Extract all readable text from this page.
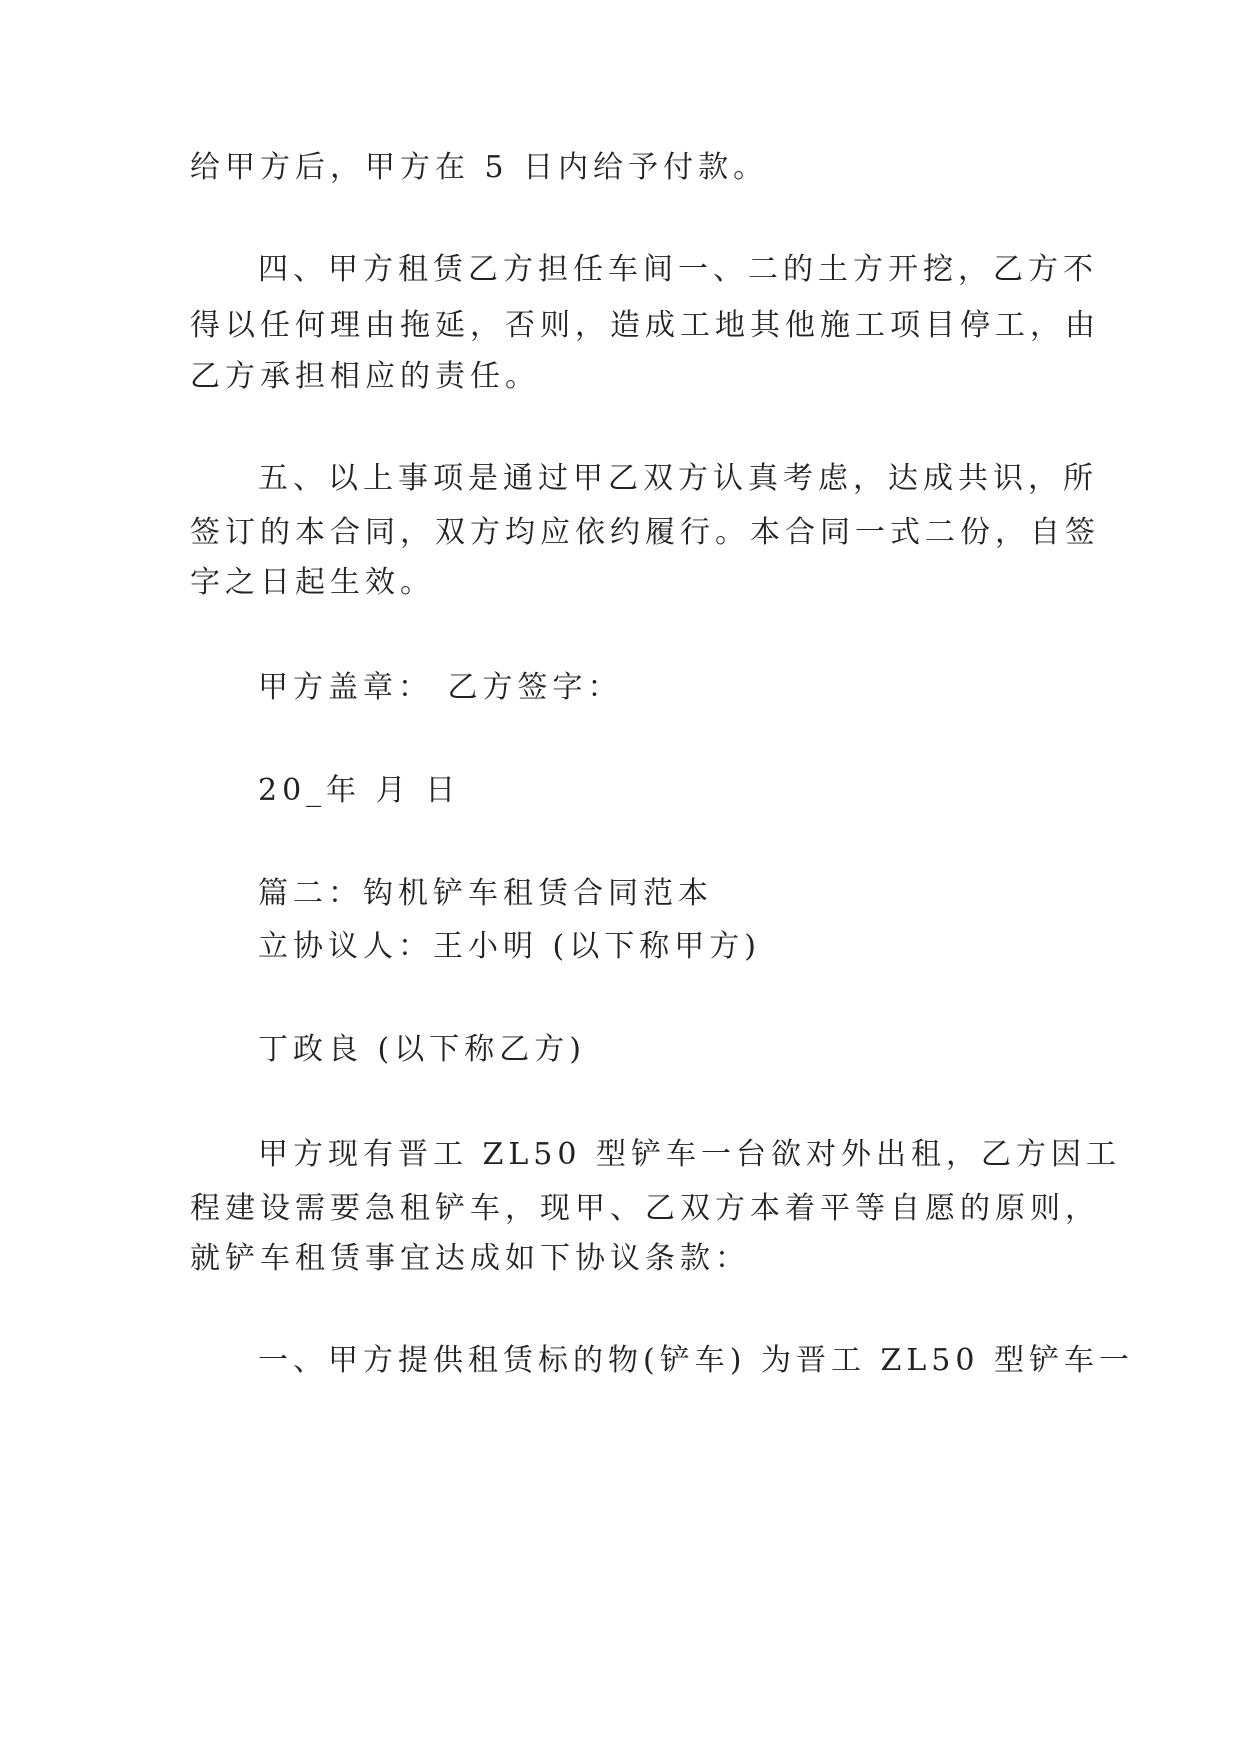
给甲方后，甲方在 5 日内给予付款。

四、甲方租赁乙方担任车间一、二的土方开挖，乙方不

得以任何理由拖延，否则，造成工地其他施工项目停工，由

乙方承担相应的责任。

五、以上事项是通过甲乙双方认真考虑，达成共识，所

签订的本合同，双方均应依约履行。本合同一式二份，自签

字之日起生效。

甲方盖章： 乙方签字：

20_年 月 日

篇二：钩机铲车租赁合同范本

立协议人：王小明 (以下称甲方)

丁政良 (以下称乙方)

甲方现有晋工 ZL50 型铲车一台欲对外出租，乙方因工

程建设需要急租铲车，现甲、乙双方本着平等自愿的原则，

就铲车租赁事宜达成如下协议条款：

一、甲方提供租赁标的物(铲车) 为晋工 ZL50 型铲车一
